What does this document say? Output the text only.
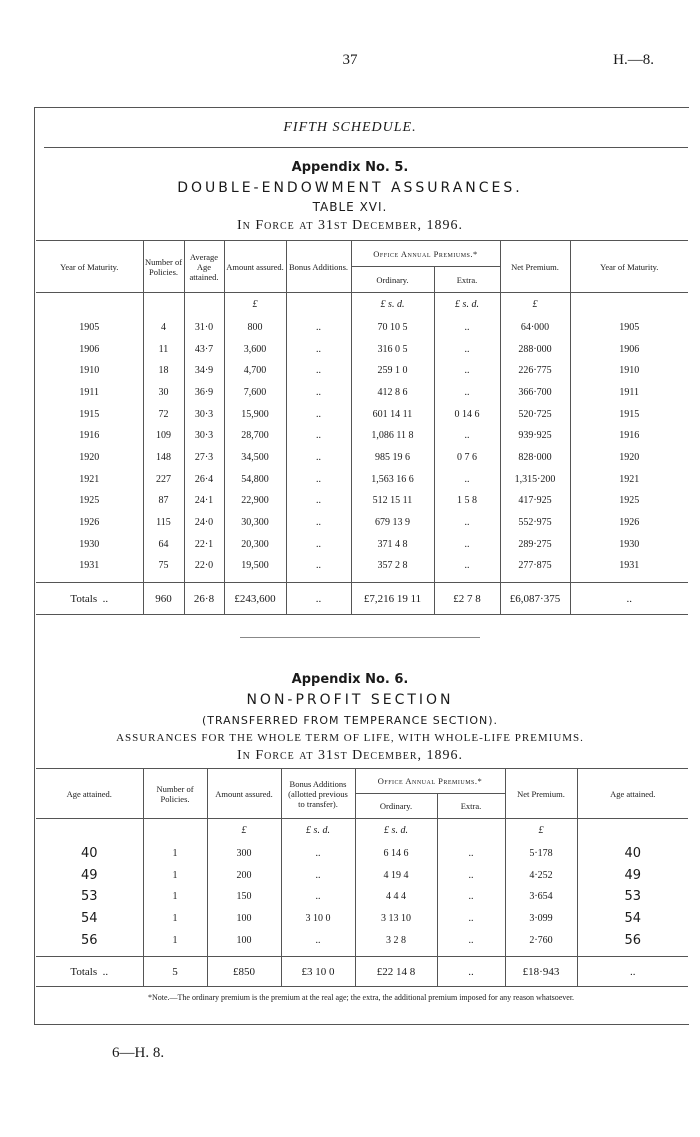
37	H.—8.
FIFTH SCHEDULE.
Appendix No. 5.
DOUBLE-ENDOWMENT ASSURANCES.
TABLE XVI.
In Force at 31st December, 1896.
Year of Maturity.	Number of Policies.	Average Age attained.	Amount assured.	Bonus Additions.	Office Annual Premiums.*		Net Premium.	Year of Maturity.
					Ordinary.	Extra.		
			£		£ s. d.	£ s. d.	£	
1905	4	31·0	800	..	70 10 5	..	64·000	1905
1906	11	43·7	3,600	..	316 0 5	..	288·000	1906
1910	18	34·9	4,700	..	259 1 0	..	226·775	1910
1911	30	36·9	7,600	..	412 8 6	..	366·700	1911
1915	72	30·3	15,900	..	601 14 11	0 14 6	520·725	1915
1916	109	30·3	28,700	..	1,086 11 8	..	939·925	1916
1920	148	27·3	34,500	..	985 19 6	0 7 6	828·000	1920
1921	227	26·4	54,800	..	1,563 16 6	..	1,315·200	1921
1925	87	24·1	22,900	..	512 15 11	1 5 8	417·925	1925
1926	115	24·0	30,300	..	679 13 9	..	552·975	1926
1930	64	22·1	20,300	..	371 4 8	..	289·275	1930
1931	75	22·0	19,500	..	357 2 8	..	277·875	1931

Totals ..	960	26·8	£243,600	..	£7,216 19 11	£2 7 8	£6,087·375	..
Appendix No. 6.
NON-PROFIT SECTION
(TRANSFERRED FROM TEMPERANCE SECTION).
ASSURANCES FOR THE WHOLE TERM OF LIFE, WITH WHOLE-LIFE PREMIUMS.
In Force at 31st December, 1896.
Age attained.	Number of Policies.	Amount assured.	Bonus Additions (allotted previous to transfer).	Office Annual Premiums.*		Net Premium.	Age attained.
				Ordinary.	Extra.		
		£	£ s. d.	£ s. d.		£	
40	1	300	..	6 14 6	..	5·178	40
49	1	200	..	4 19 4	..	4·252	49
53	1	150	..	4 4 4	..	3·654	53
54	1	100	3 10 0	3 13 10	..	3·099	54
56	1	100	..	3 2 8	..	2·760	56

Totals ..	5	£850	£3 10 0	£22 14 8	..	£18·943	..
*Note.—The ordinary premium is the premium at the real age; the extra, the additional premium imposed for any reason whatsoever.
6—H. 8.
